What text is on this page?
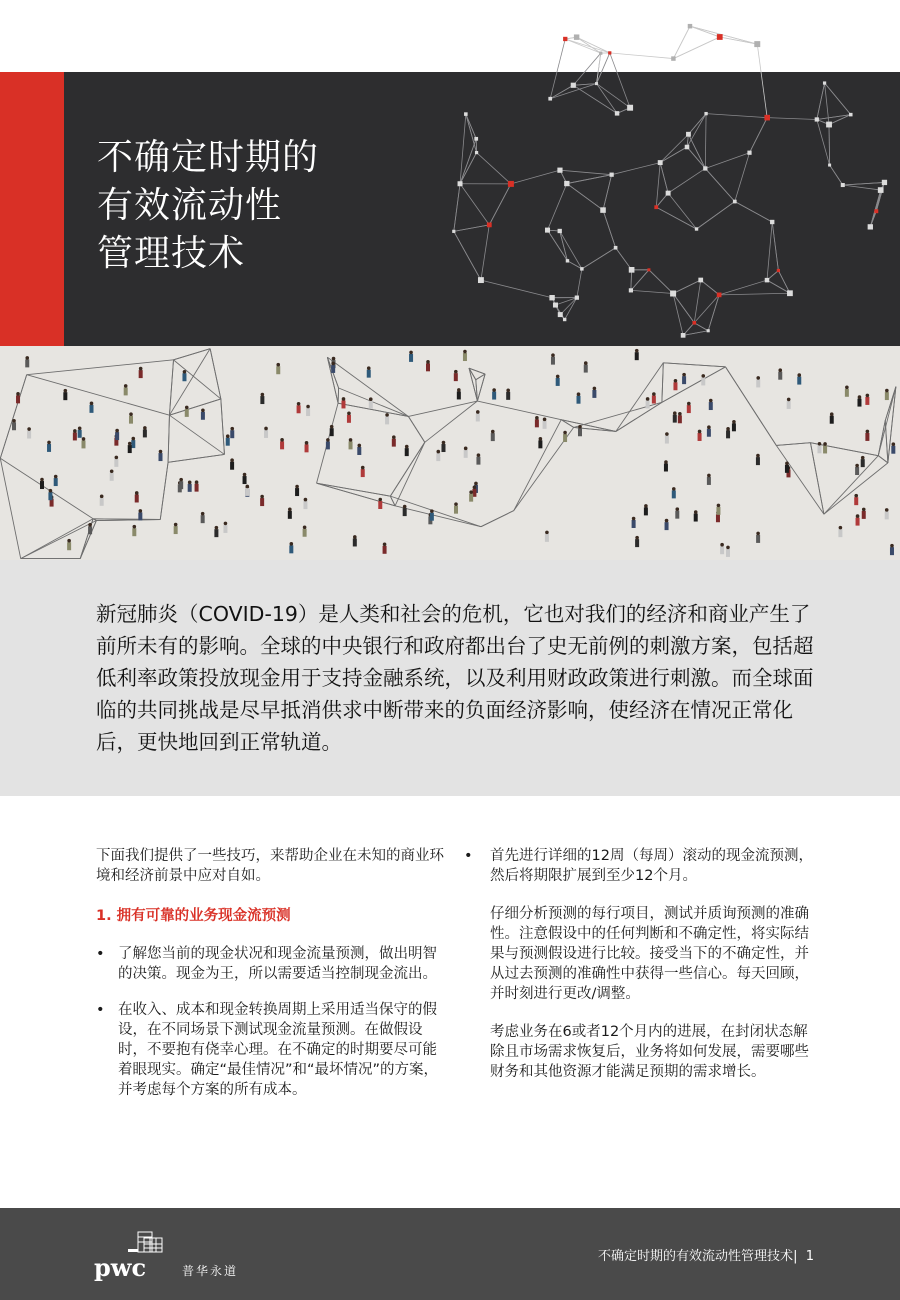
不确定时期的
有效流动性
管理技术

新冠肺炎（COVID-19）是人类和社会的危机，它也对我们的经济和商业产生了前所未有的影响。全球的中央银行和政府都出台了史无前例的刺激方案，包括超低利率政策投放现金用于支持金融系统，以及利用财政政策进行刺激。而全球面临的共同挑战是尽早抵消供求中断带来的负面经济影响，使经济在情况正常化后，更快地回到正常轨道。

下面我们提供了一些技巧，来帮助企业在未知的商业环境和经济前景中应对自如。

1. 拥有可靠的业务现金流预测

• 了解您当前的现金状况和现金流量预测，做出明智的决策。现金为王，所以需要适当控制现金流出。

• 在收入、成本和现金转换周期上采用适当保守的假设，在不同场景下测试现金流量预测。在做假设时，不要抱有侥幸心理。在不确定的时期要尽可能着眼现实。确定“最佳情况”和“最坏情况”的方案，并考虑每个方案的所有成本。

• 首先进行详细的12周（每周）滚动的现金流预测，然后将期限扩展到至少12个月。

仔细分析预测的每行项目，测试并质询预测的准确性。注意假设中的任何判断和不确定性，将实际结果与预测假设进行比较。接受当下的不确定性，并从过去预测的准确性中获得一些信心。每天回顾，并时刻进行更改/调整。

考虑业务在6或者12个月内的进展，在封闭状态解除且市场需求恢复后，业务将如何发展，需要哪些财务和其他资源才能满足预期的需求增长。

pwc	普华永道
不确定时期的有效流动性管理技术| 1
